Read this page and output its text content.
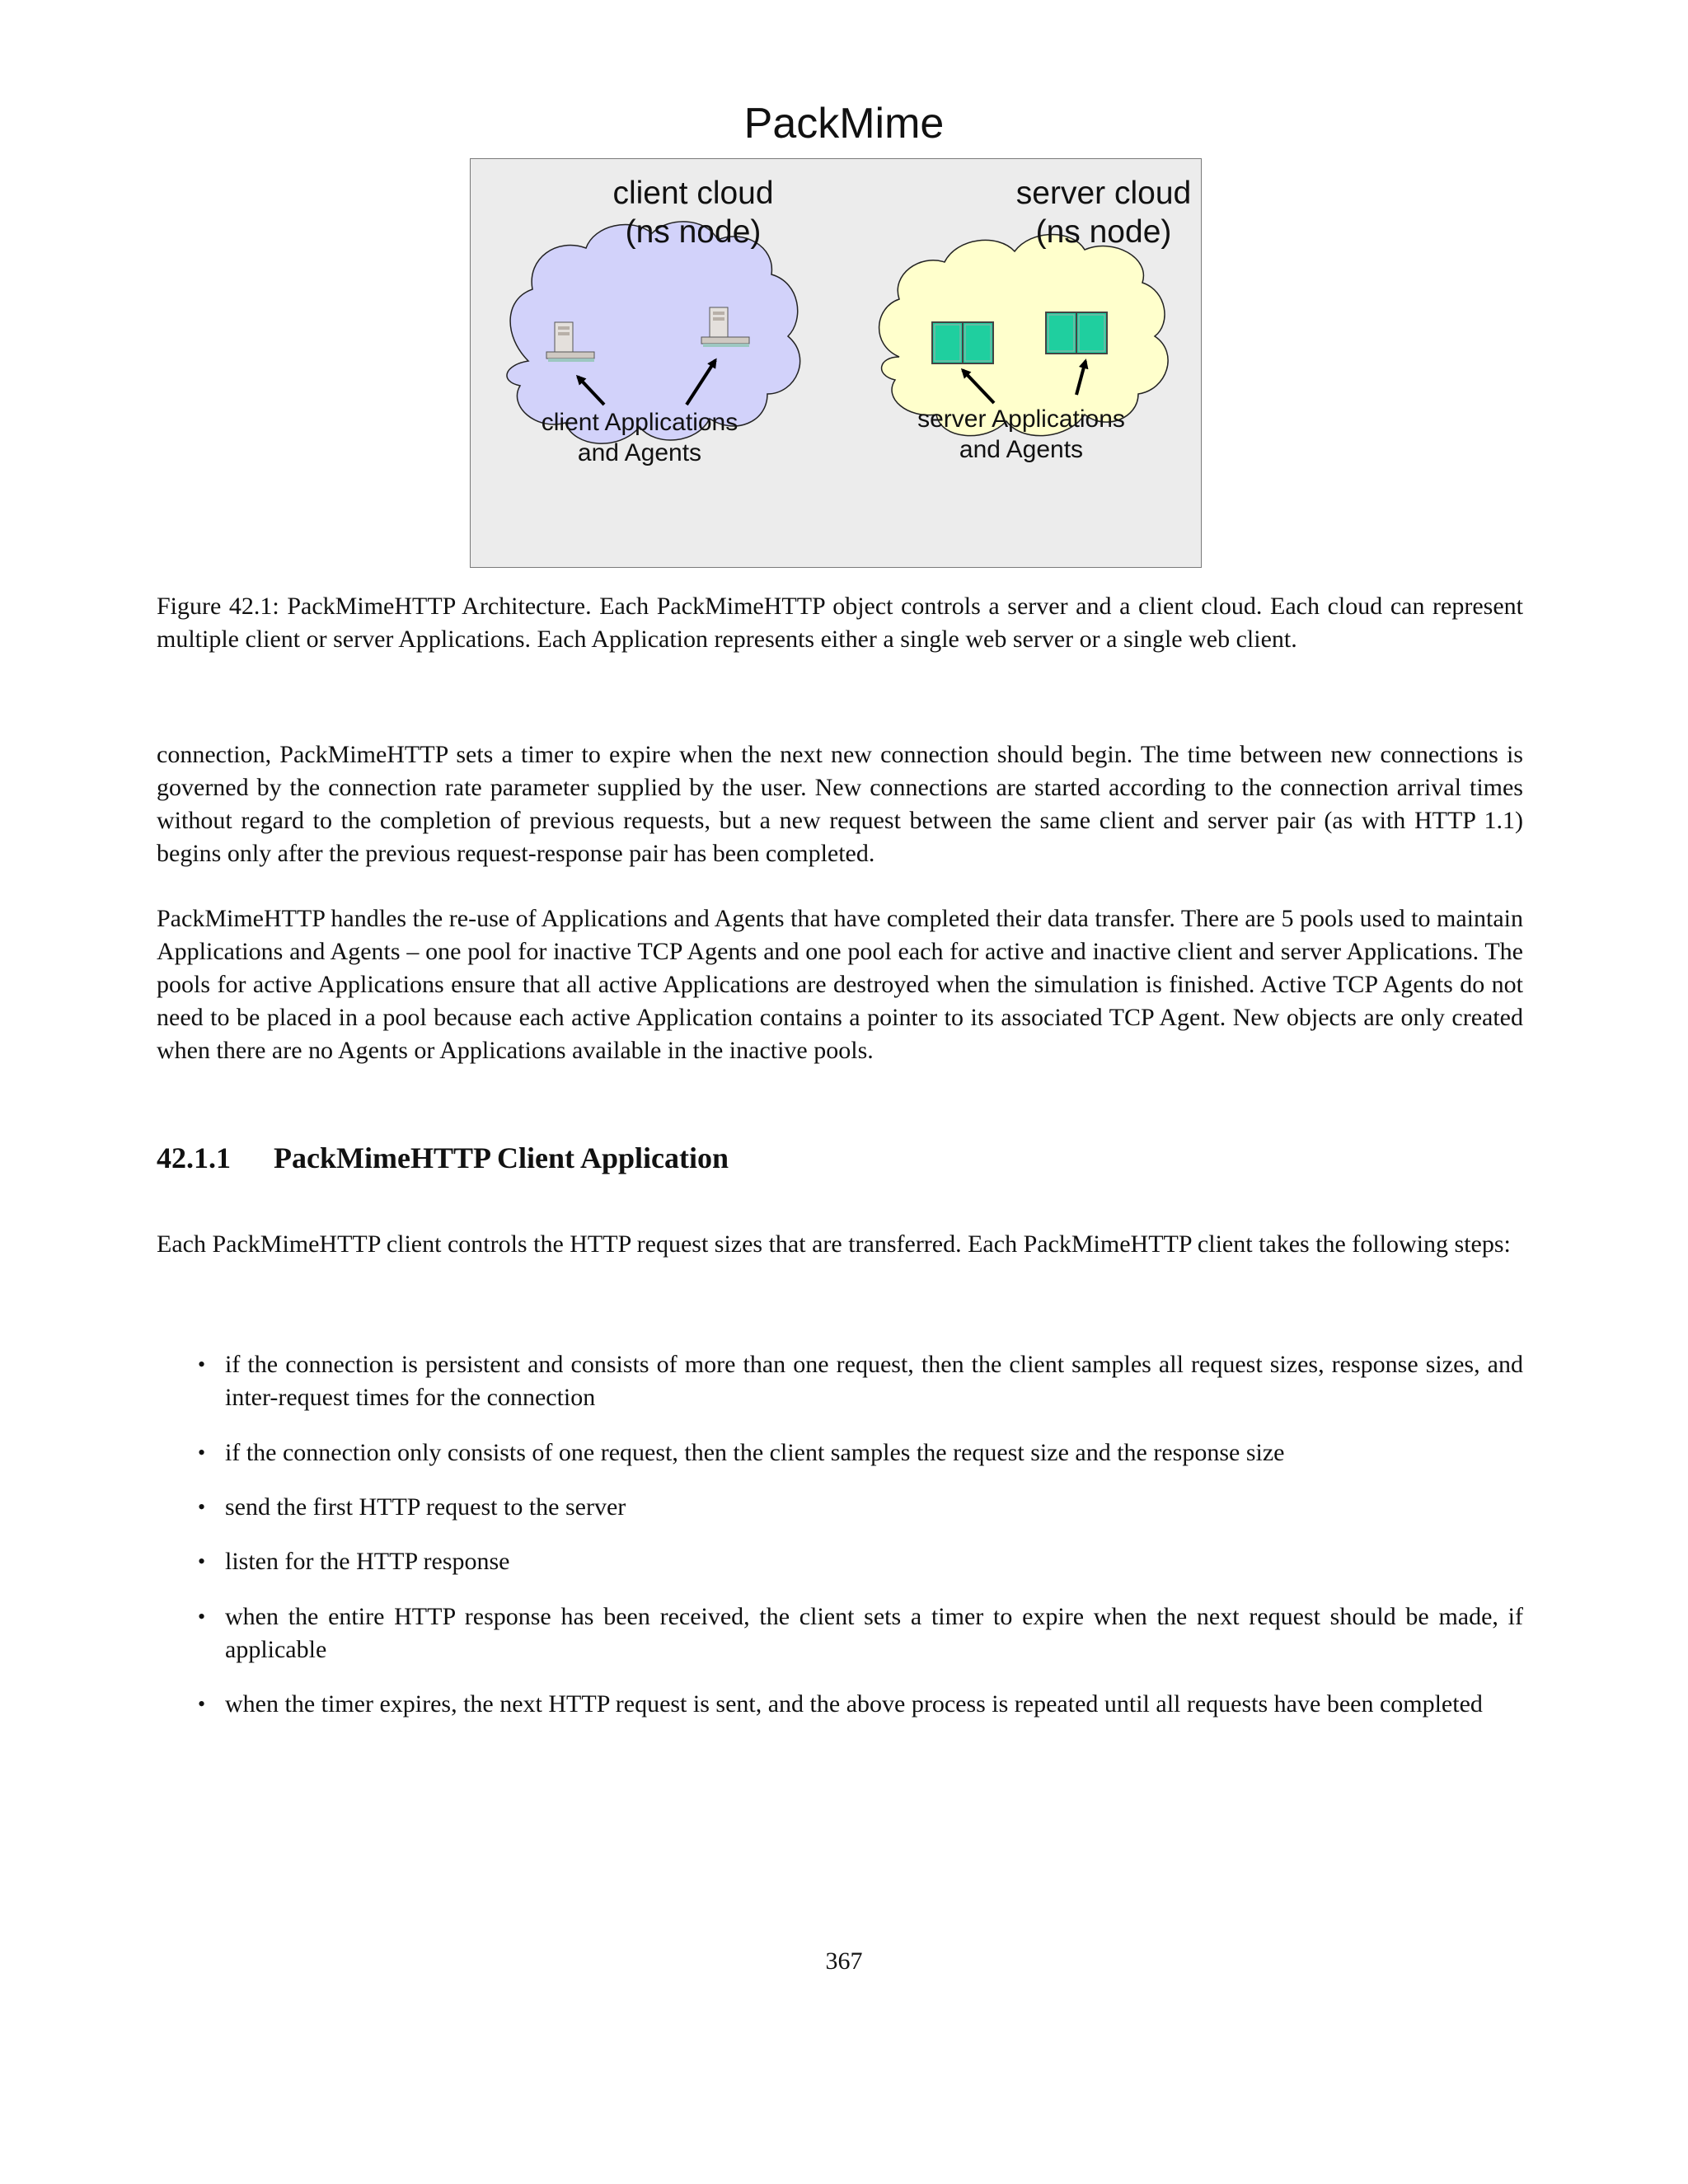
PackMime
client Applications
and Agents
server Applications
and Agents
client cloud
(ns node)
server cloud
(ns node)

Figure 42.1: PackMimeHTTP Architecture. Each PackMimeHTTP object controls a server and a client cloud. Each cloud can represent multiple client or server Applications. Each Application represents either a single web server or a single web client.

connection, PackMimeHTTP sets a timer to expire when the next new connection should begin. The time between new connections is governed by the connection rate parameter supplied by the user. New connections are started according to the connection arrival times without regard to the completion of previous requests, but a new request between the same client and server pair (as with HTTP 1.1) begins only after the previous request-response pair has been completed.

PackMimeHTTP handles the re-use of Applications and Agents that have completed their data transfer. There are 5 pools used to maintain Applications and Agents – one pool for inactive TCP Agents and one pool each for active and inactive client and server Applications. The pools for active Applications ensure that all active Applications are destroyed when the simulation is finished. Active TCP Agents do not need to be placed in a pool because each active Application contains a pointer to its associated TCP Agent. New objects are only created when there are no Agents or Applications available in the inactive pools.

42.1.1 PackMimeHTTP Client Application

Each PackMimeHTTP client controls the HTTP request sizes that are transferred. Each PackMimeHTTP client takes the following steps:

• if the connection is persistent and consists of more than one request, then the client samples all request sizes, response sizes, and inter-request times for the connection
• if the connection only consists of one request, then the client samples the request size and the response size
• send the first HTTP request to the server
• listen for the HTTP response
• when the entire HTTP response has been received, the client sets a timer to expire when the next request should be made, if applicable
• when the timer expires, the next HTTP request is sent, and the above process is repeated until all requests have been completed
367
